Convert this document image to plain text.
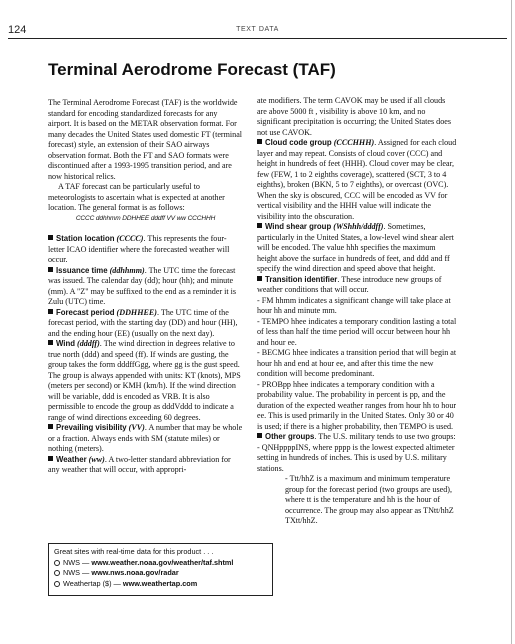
124	TEXT DATA
Terminal Aerodrome Forecast (TAF)

The Terminal Aerodrome Forecast (TAF) is the worldwide standard for encoding standardized forecasts for any airport. It is based on the METAR observation format. For many decades the United States used domestic FT (terminal forecast) style, an extension of their SAO airways observation format. Both the FT and SAO formats were discontinued after a 1993-1995 transition period, and are now historical relics.

A TAF forecast can be particularly useful to meteorologists to ascertain what is expected at another location. The general format is as follows:

CCCC ddhhmm DDHHEE dddff VV ww CCCHHH

Station location (CCCC). This represents the four-letter ICAO identifier where the forecasted weather will occur.

Issuance time (ddhhmm). The UTC time the forecast was issued. The calendar day (dd); hour (hh); and minute (mm). A "Z" may be suffixed to the end as a reminder it is Zulu (UTC) time.

Forecast period (DDHHEE). The UTC time of the forecast period, with the starting day (DD) and hour (HH), and the ending hour (EE) (usually on the next day).

Wind (dddff). The wind direction in degrees relative to true north (ddd) and speed (ff). If winds are gusting, the group takes the form dddffGgg, where gg is the gust speed. The group is always appended with units: KT (knots), MPS (meters per second) or KMH (km/h). If the wind direction will be variable, ddd is encoded as VRB. It is also permissible to encode the group as dddVddd to indicate a range of wind directions exceeding 60 degrees.

Prevailing visibility (VV). A number that may be whole or a fraction. Always ends with SM (statute miles) or nothing (meters).

Weather (ww). A two-letter standard abbreviation for any weather that will occur, with appropri-

ate modifiers. The term CAVOK may be used if all clouds are above 5000 ft , visibility is above 10 km, and no significant precipitation is occurring; the United States does not use CAVOK.

Cloud code group (CCCHHH). Assigned for each cloud layer and may repeat. Consists of cloud cover (CCC) and height in hundreds of feet (HHH). Cloud cover may be clear, few (FEW, 1 to 2 eighths coverage), scattered (SCT, 3 to 4 eighths), broken (BKN, 5 to 7 eighths), or overcast (OVC). When the sky is obscured, CCC will be encoded as VV for vertical visibility and the HHH value will indicate the visibility into the obscuration.

Wind shear group (WShhh/dddff). Sometimes, particularly in the United States, a low-level wind shear alert will be encoded. The value hhh specifies the maximum height above the surface in hundreds of feet, and ddd and ff specify the wind direction and speed above that height.

Transition identifier. These introduce new groups of weather conditions that will occur.

- FM hhmm indicates a significant change will take place at hour hh and minute mm.

- TEMPO hhee indicates a temporary condition lasting a total of less than half the time period will occur between hour hh and hour ee.

- BECMG hhee indicates a transition period that will begin at hour hh and end at hour ee, and after this time the new condition will become predominant.

- PROBpp hhee indicates a temporary condition with a probability value. The probability in percent is pp, and the duration of the expected weather ranges from hour hh to hour ee. This is used primarily in the United States. Only 30 or 40 is used; if there is a higher probability, then TEMPO is used.

Other groups. The U.S. military tends to use two groups:

- QNHppppINS, where pppp is the lowest expected altimeter setting in hundreds of inches. This is used by U.S. military stations.

- Ttt/hhZ is a maximum and minimum temperature group for the forecast period (two groups are used), where tt is the temperature and hh is the hour of occurrence. The group may also appear as TNtt/hhZ TXtt/hhZ.

Great sites with real-time data for this product . . .
NWS — www.weather.noaa.gov/weather/taf.shtml
NWS — www.nws.noaa.gov/radar
Weathertap ($) — www.weathertap.com
